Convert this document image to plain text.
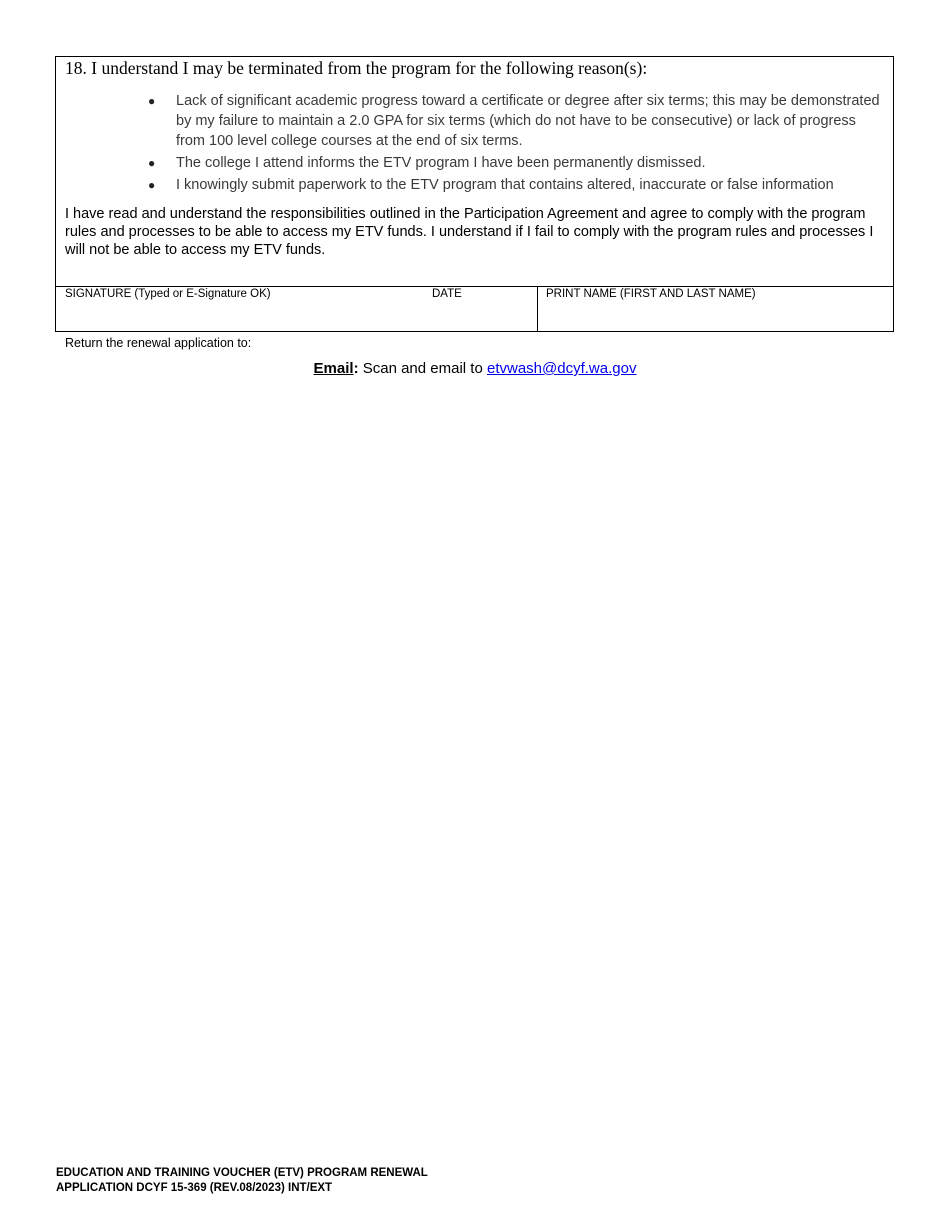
18. I understand I may be terminated from the program for the following reason(s):
● Lack of significant academic progress toward a certificate or degree after six terms; this may be demonstrated by my failure to maintain a 2.0 GPA for six terms (which do not have to be consecutive) or lack of progress from 100 level college courses at the end of six terms.
● The college I attend informs the ETV program I have been permanently dismissed.
● I knowingly submit paperwork to the ETV program that contains altered, inaccurate or false information

I have read and understand the responsibilities outlined in the Participation Agreement and agree to comply with the program rules and processes to be able to access my ETV funds. I understand if I fail to comply with the program rules and processes I will not be able to access my ETV funds.

SIGNATURE (Typed or E-Signature OK)	DATE	PRINT NAME (FIRST AND LAST NAME)
Return the renewal application to:
Email: Scan and email to etvwash@dcyf.wa.gov
EDUCATION AND TRAINING VOUCHER (ETV) PROGRAM RENEWAL
APPLICATION DCYF 15-369 (REV.08/2023) INT/EXT
